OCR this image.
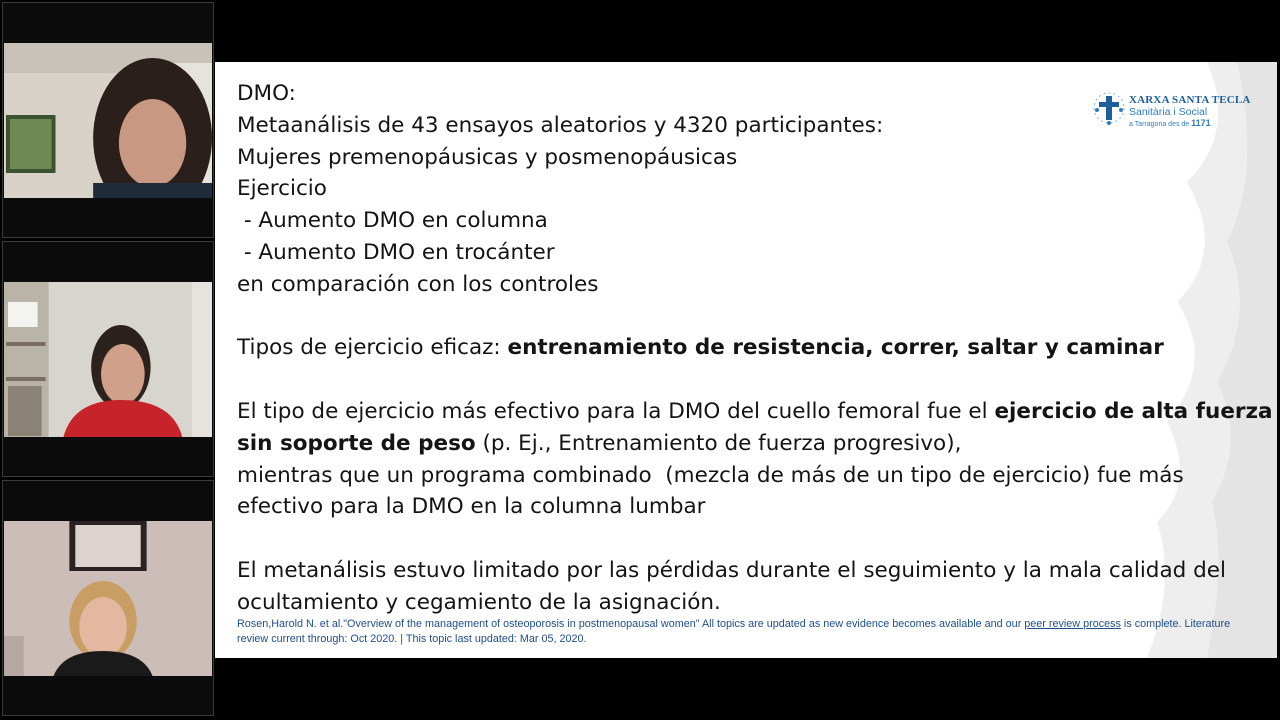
XARXA SANTA TECLA
Sanitària i Social
a Tarragona des de 1171

DMO:

Metaanálisis de 43 ensayos aleatorios y 4320 participantes:

Mujeres premenopáusicas y posmenopáusicas

Ejercicio

- Aumento DMO en columna

- Aumento DMO en trocánter

en comparación con los controles

Tipos de ejercicio eficaz: entrenamiento de resistencia, correr, saltar y caminar

El tipo de ejercicio más efectivo para la DMO del cuello femoral fue el ejercicio de alta fuerza

sin soporte de peso (p. Ej., Entrenamiento de fuerza progresivo),

mientras que un programa combinado  (mezcla de más de un tipo de ejercicio) fue más

efectivo para la DMO en la columna lumbar

El metanálisis estuvo limitado por las pérdidas durante el seguimiento y la mala calidad del

ocultamiento y cegamiento de la asignación.

Rosen,Harold N. et al."Overview of the management of osteoporosis in postmenopausal women" All topics are updated as new evidence becomes available and our peer review process is complete. Literature review current through: Oct 2020. | This topic last updated: Mar 05, 2020.
